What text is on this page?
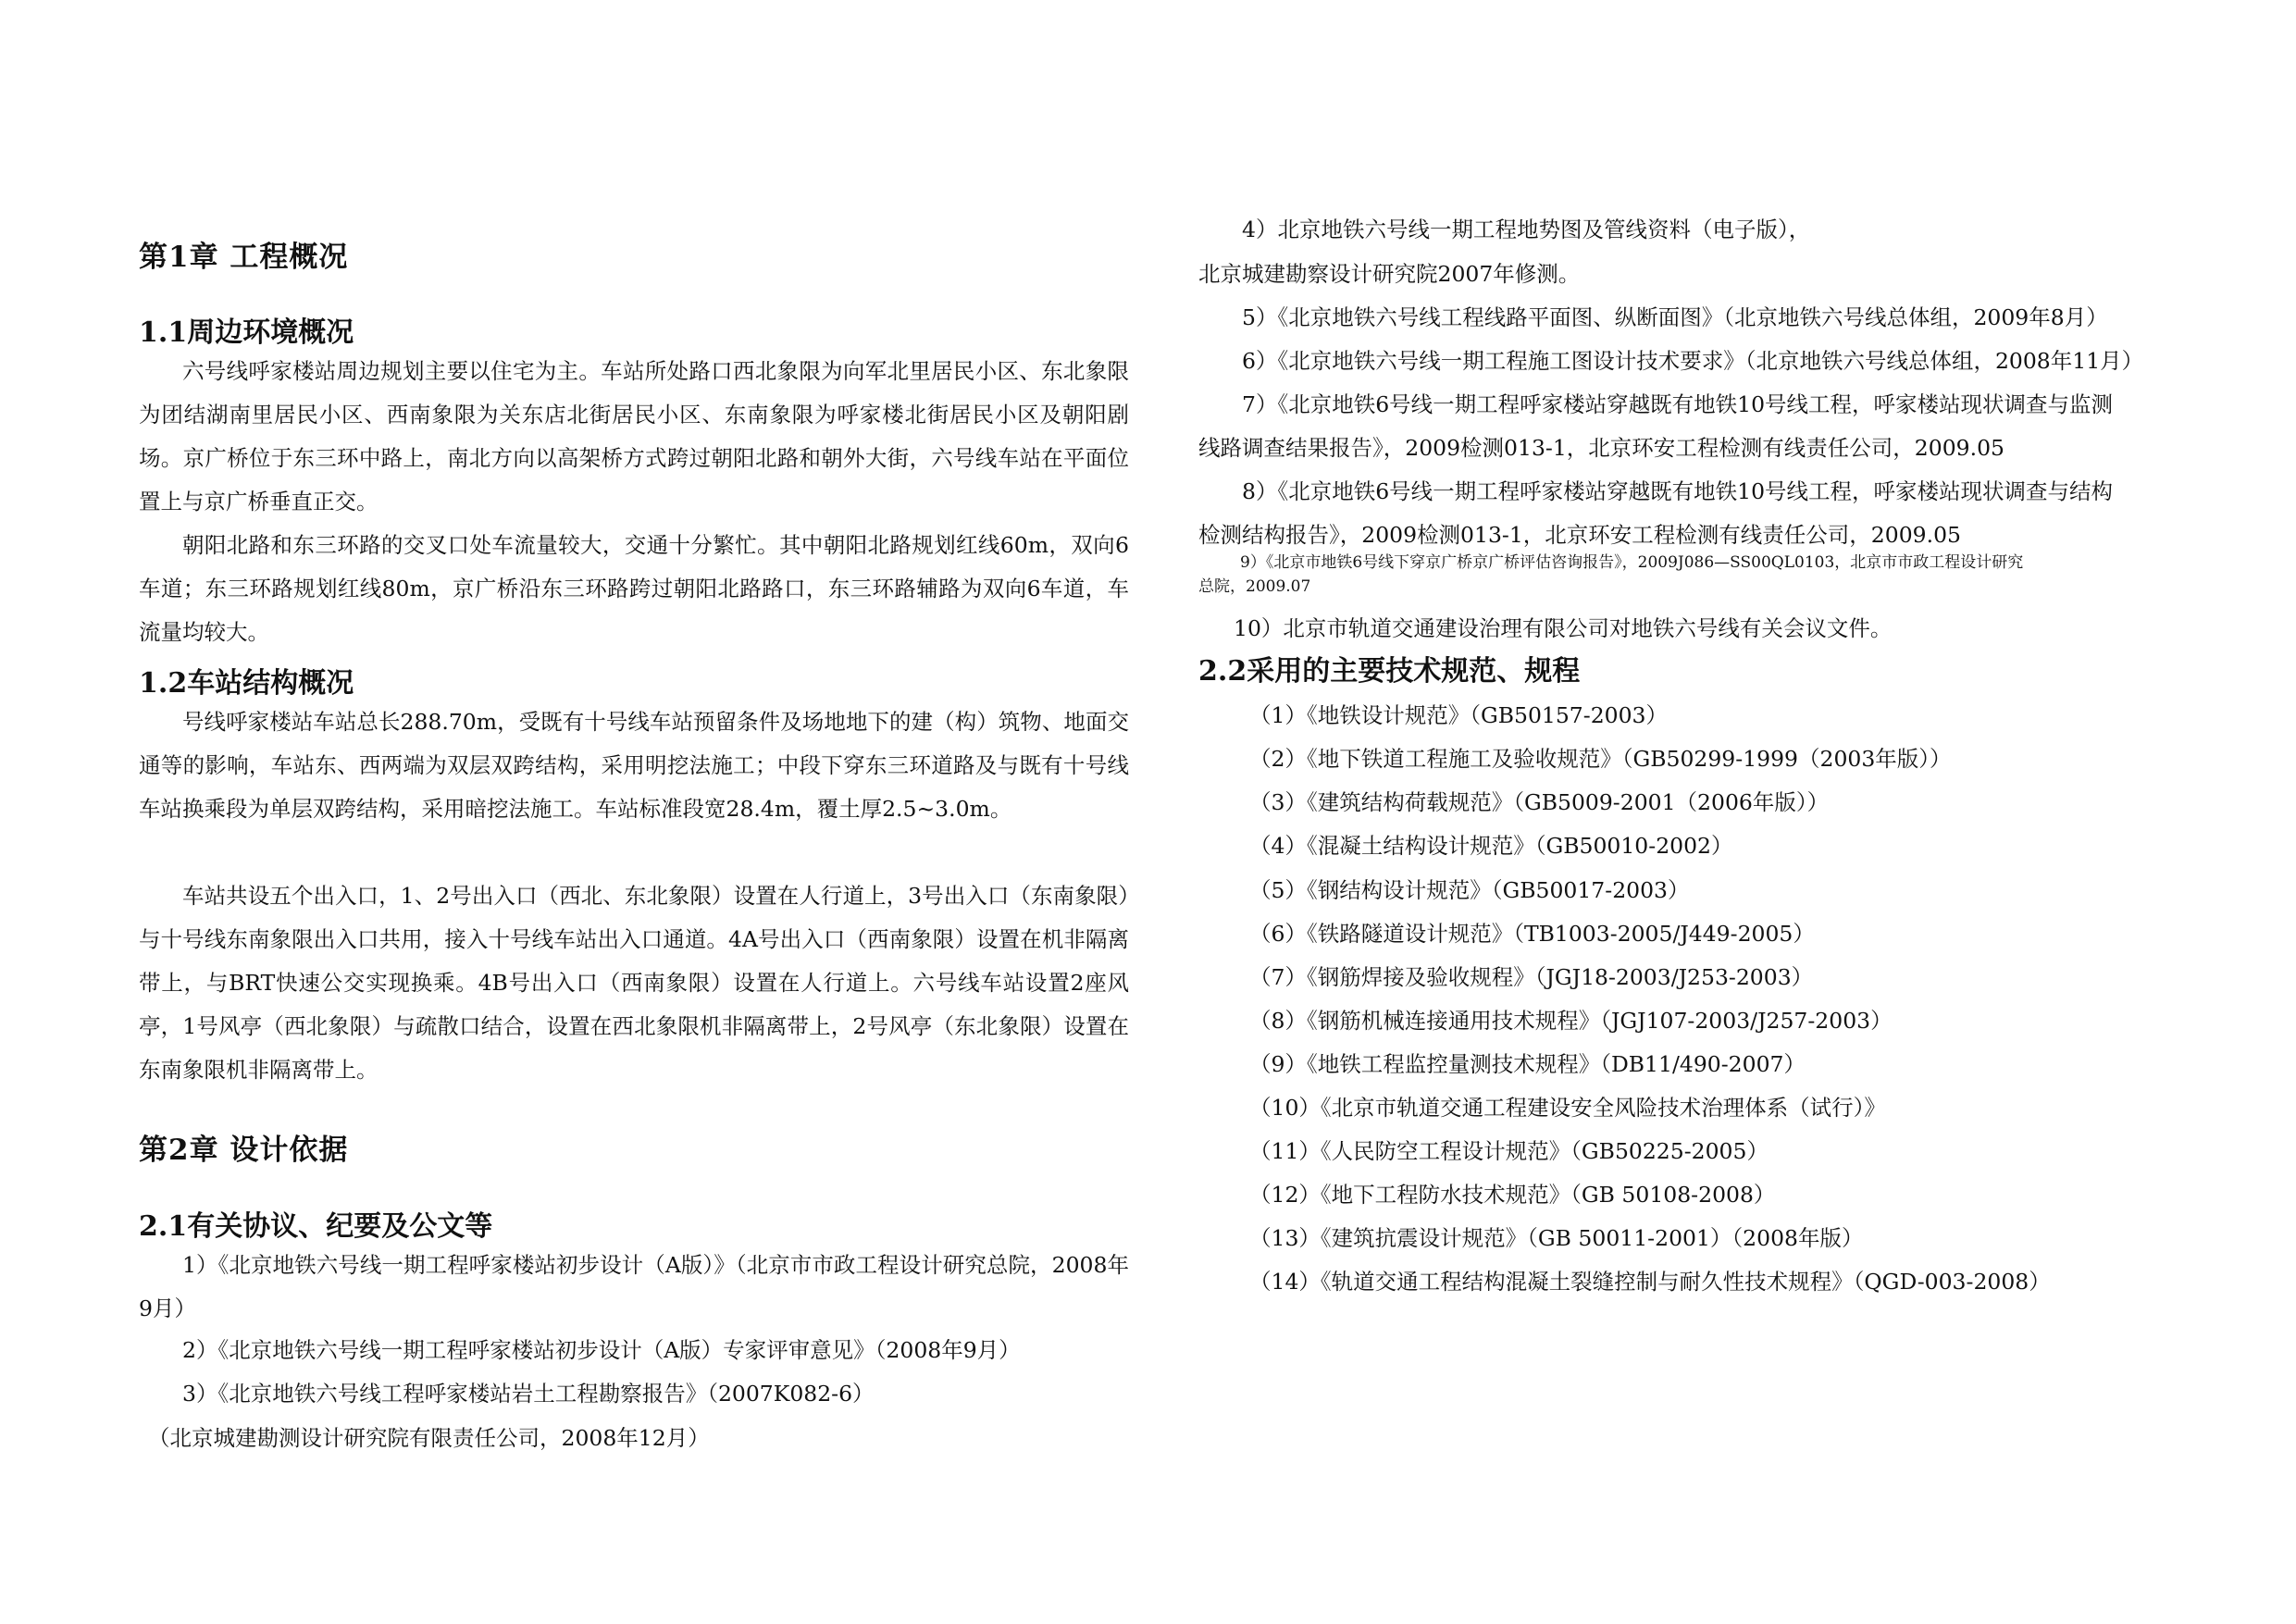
第1章 工程概况
1.1周边环境概况
六号线呼家楼站周边规划主要以住宅为主。车站所处路口西北象限为向军北里居民小区、东北象限为团结湖南里居民小区、西南象限为关东店北街居民小区、东南象限为呼家楼北街居民小区及朝阳剧场。京广桥位于东三环中路上，南北方向以高架桥方式跨过朝阳北路和朝外大街，六号线车站在平面位置上与京广桥垂直正交。
朝阳北路和东三环路的交叉口处车流量较大，交通十分繁忙。其中朝阳北路规划红线60m，双向6车道；东三环路规划红线80m，京广桥沿东三环路跨过朝阳北路路口，东三环路辅路为双向6车道，车流量均较大。
1.2车站结构概况
号线呼家楼站车站总长288.70m，受既有十号线车站预留条件及场地地下的建（构）筑物、地面交通等的影响，车站东、西两端为双层双跨结构，采用明挖法施工；中段下穿东三环道路及与既有十号线车站换乘段为单层双跨结构，采用暗挖法施工。车站标准段宽28.4m，覆土厚2.5~3.0m。
车站共设五个出入口，1、2号出入口（西北、东北象限）设置在人行道上，3号出入口（东南象限）与十号线东南象限出入口共用，接入十号线车站出入口通道。4A号出入口（西南象限）设置在机非隔离带上，与BRT快速公交实现换乘。4B号出入口（西南象限）设置在人行道上。六号线车站设置2座风亭，1号风亭（西北象限）与疏散口结合，设置在西北象限机非隔离带上，2号风亭（东北象限）设置在东南象限机非隔离带上。
第2章 设计依据
2.1有关协议、纪要及公文等
1）《北京地铁六号线一期工程呼家楼站初步设计（A版）》（北京市市政工程设计研究总院，2008年9月）
2）《北京地铁六号线一期工程呼家楼站初步设计（A版）专家评审意见》（2008年9月）
3）《北京地铁六号线工程呼家楼站岩土工程勘察报告》（2007K082-6）
（北京城建勘测设计研究院有限责任公司，2008年12月）
4）北京地铁六号线一期工程地势图及管线资料（电子版），
北京城建勘察设计研究院2007年修测。
5）《北京地铁六号线工程线路平面图、纵断面图》（北京地铁六号线总体组，2009年8月）
6）《北京地铁六号线一期工程施工图设计技术要求》（北京地铁六号线总体组，2008年11月）
7）《北京地铁6号线一期工程呼家楼站穿越既有地铁10号线工程，呼家楼站现状调查与监测
线路调查结果报告》，2009检测013-1，北京环安工程检测有线责任公司，2009.05
8）《北京地铁6号线一期工程呼家楼站穿越既有地铁10号线工程，呼家楼站现状调查与结构
检测结构报告》，2009检测013-1，北京环安工程检测有线责任公司，2009.05
9）《北京市地铁6号线下穿京广桥京广桥评估咨询报告》，2009J086—SS00QL0103，北京市市政工程设计研究
总院，2009.07
10）北京市轨道交通建设治理有限公司对地铁六号线有关会议文件。
2.2采用的主要技术规范、规程
（1）《地铁设计规范》（GB50157-2003）
（2）《地下铁道工程施工及验收规范》（GB50299-1999（2003年版））
（3）《建筑结构荷载规范》（GB5009-2001（2006年版））
（4）《混凝土结构设计规范》（GB50010-2002）
（5）《钢结构设计规范》（GB50017-2003）
（6）《铁路隧道设计规范》（TB1003-2005/J449-2005）
（7）《钢筋焊接及验收规程》（JGJ18-2003/J253-2003）
（8）《钢筋机械连接通用技术规程》（JGJ107-2003/J257-2003）
（9）《地铁工程监控量测技术规程》（DB11/490-2007）
（10）《北京市轨道交通工程建设安全风险技术治理体系（试行）》
（11）《人民防空工程设计规范》（GB50225-2005）
（12）《地下工程防水技术规范》（GB 50108-2008）
（13）《建筑抗震设计规范》（GB 50011-2001）（2008年版）
（14）《轨道交通工程结构混凝土裂缝控制与耐久性技术规程》（QGD-003-2008）
